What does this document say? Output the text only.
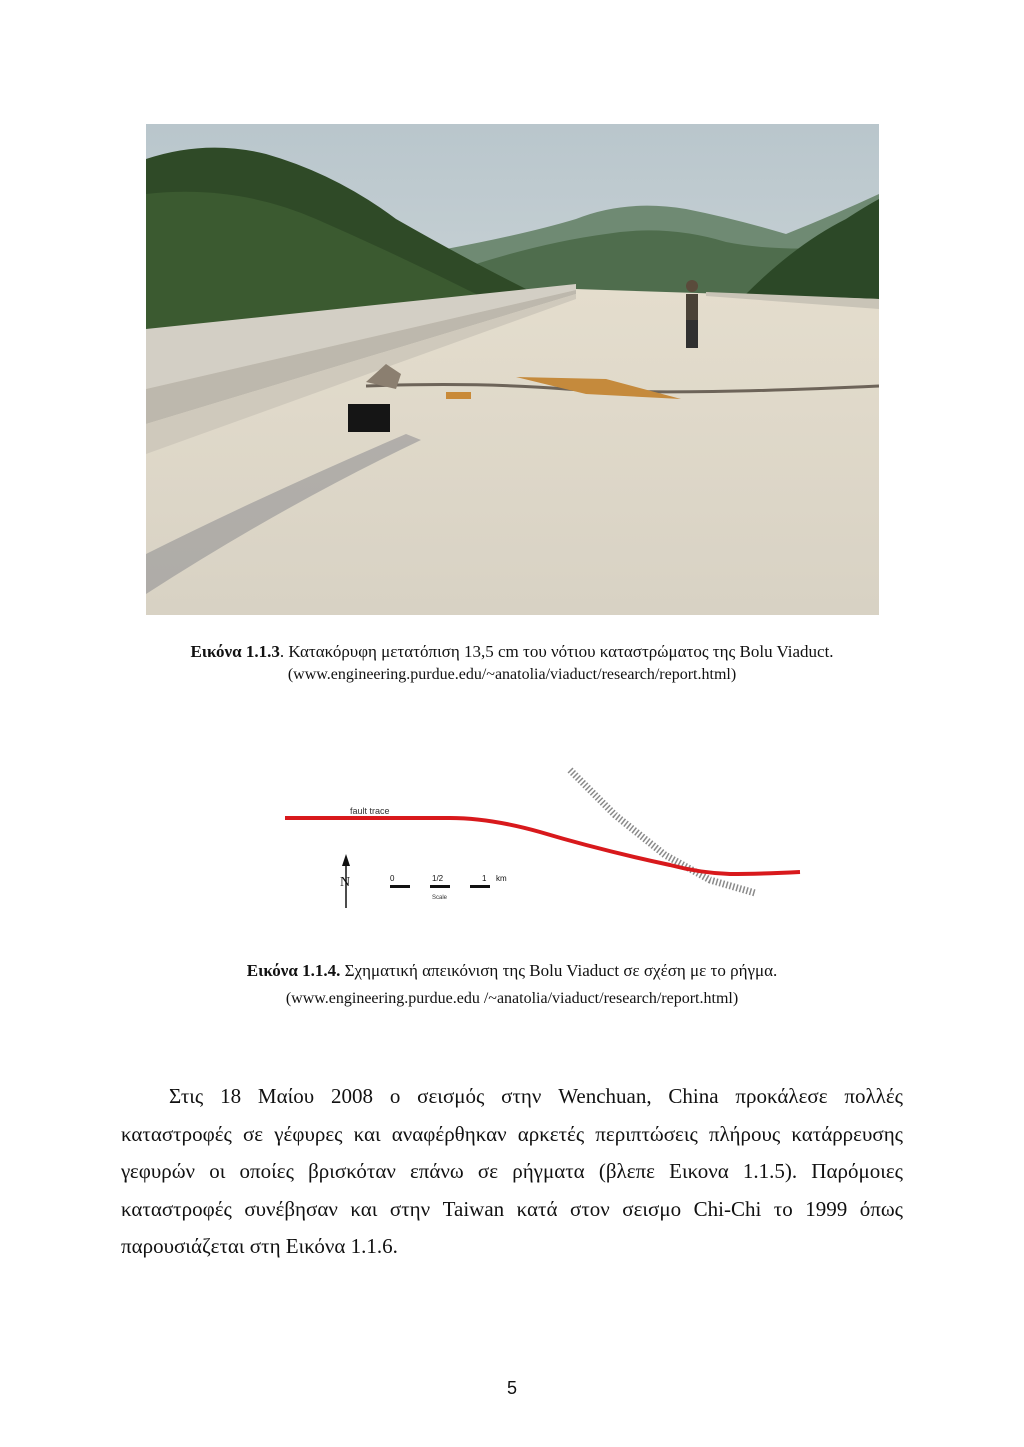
Εικόνα 1.1.3. Κατακόρυφη μετατόπιση 13,5 cm του νότιου καταστρώματος της Bolu Viaduct.
(www.engineering.purdue.edu/~anatolia/viaduct/research/report.html)
fault trace
N	0	1/2	1 km
Scale
Εικόνα 1.1.4. Σχηματική απεικόνιση της Bolu Viaduct σε σχέση με το ρήγμα.
(www.engineering.purdue.edu /~anatolia/viaduct/research/report.html)
Στις 18 Μαίου 2008 ο σεισμός στην Wenchuan, China προκάλεσε πολλές καταστροφές σε γέφυρες και αναφέρθηκαν αρκετές περιπτώσεις πλήρους κατάρρευσης γεφυρών οι οποίες βρισκόταν επάνω σε ρήγματα (βλεπε Εικονα 1.1.5). Παρόμοιες καταστροφές συνέβησαν και στην Taiwan κατά στον σεισμο Chi-Chi το 1999 όπως παρουσιάζεται στη Εικόνα 1.1.6.
5
